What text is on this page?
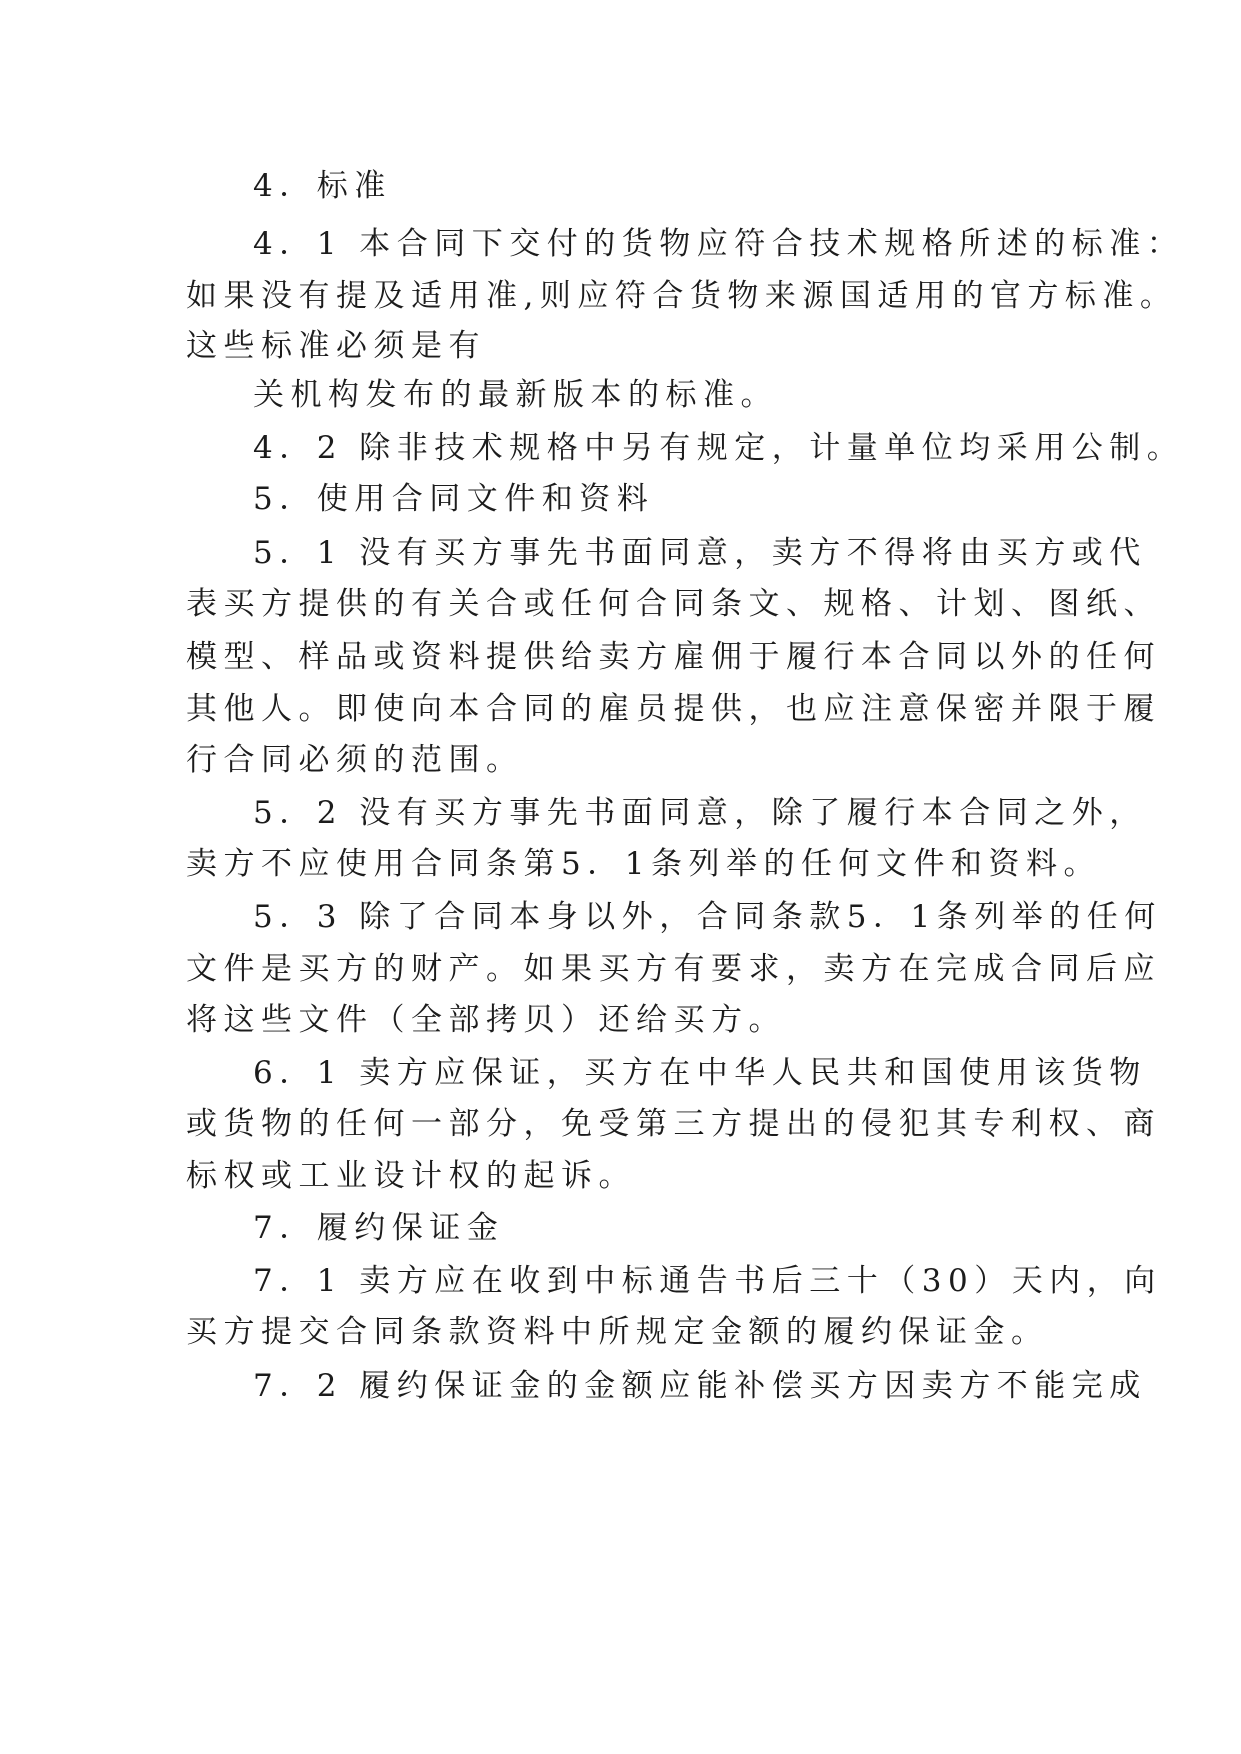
4．标准
4．1 本合同下交付的货物应符合技术规格所述的标准：
如果没有提及适用准,则应符合货物来源国适用的官方标准。
这些标准必须是有
关机构发布的最新版本的标准。
4．2 除非技术规格中另有规定，计量单位均采用公制。
5．使用合同文件和资料
5．1 没有买方事先书面同意，卖方不得将由买方或代
表买方提供的有关合或任何合同条文、规格、计划、图纸、
模型、样品或资料提供给卖方雇佣于履行本合同以外的任何
其他人。即使向本合同的雇员提供，也应注意保密并限于履
行合同必须的范围。
5．2 没有买方事先书面同意，除了履行本合同之外，
卖方不应使用合同条第5．1条列举的任何文件和资料。
5．3 除了合同本身以外，合同条款5．1条列举的任何
文件是买方的财产。如果买方有要求，卖方在完成合同后应
将这些文件（全部拷贝）还给买方。
6．1 卖方应保证，买方在中华人民共和国使用该货物
或货物的任何一部分，免受第三方提出的侵犯其专利权、商
标权或工业设计权的起诉。
7．履约保证金
7．1 卖方应在收到中标通告书后三十（30）天内，向
买方提交合同条款资料中所规定金额的履约保证金。
7．2 履约保证金的金额应能补偿买方因卖方不能完成
